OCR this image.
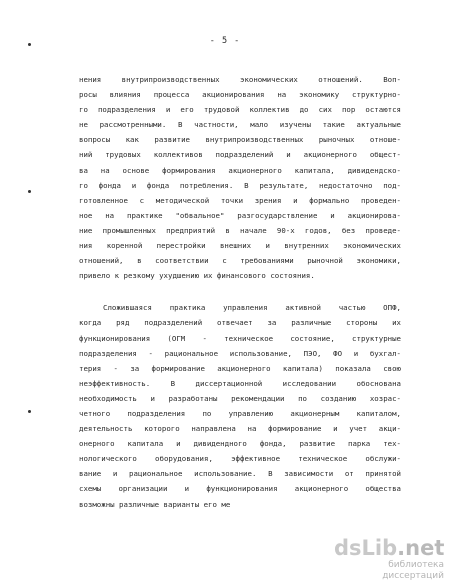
- 5 -
нения внутрипроизводственных экономических отношений. Воп-
росы влияния процесса акционирования на экономику структурно-
го подразделения и его трудовой коллектив до сих пор остаются
не рассмотренными. В частности, мало изучены такие актуальные
вопросы как развитие внутрипроизводственных рыночных отноше-
ний трудовых коллективов подразделений и акционерного общест-
ва на основе формирования акционерного капитала, дивидендско-
го фонда и фонда потребления. В результате, недостаточно под-
готовленное с методической точки зрения и формально проведен-
ное на практике "обвальное" разгосударствление и акционирова-
ние промышленных предприятий в начале 90-х годов, без проведе-
ния коренной перестройки внешних и внутренних экономических
отношений, в соответствии с требованиями рыночной экономики,
привело к резкому ухудшению их финансового состояния.
Сложившаяся практика управления активной частью ОПФ,
когда ряд подразделений отвечает за различные стороны их
функционирования (ОГМ - техническое состояние, структурные
подразделения - рациональное использование, ПЭО, ФО и бухгал-
терия - за формирование акционерного капитала) показала свою
неэффективность. В диссертационной исследовании обоснована
необходимость и разработаны рекомендации по созданию хозрас-
четного подразделения по управлению акционерным капиталом,
деятельность которого направлена на формирование и учет акци-
онерного капитала и дивидендного фонда, развитие парка тех-
нологического оборудования, эффективное техническое обслужи-
вание и рациональное использование. В зависимости от принятой
схемы организации и функционирования акционерного общества
возможны различные варианты его ме
dsLib.net
библиотека диссертаций
